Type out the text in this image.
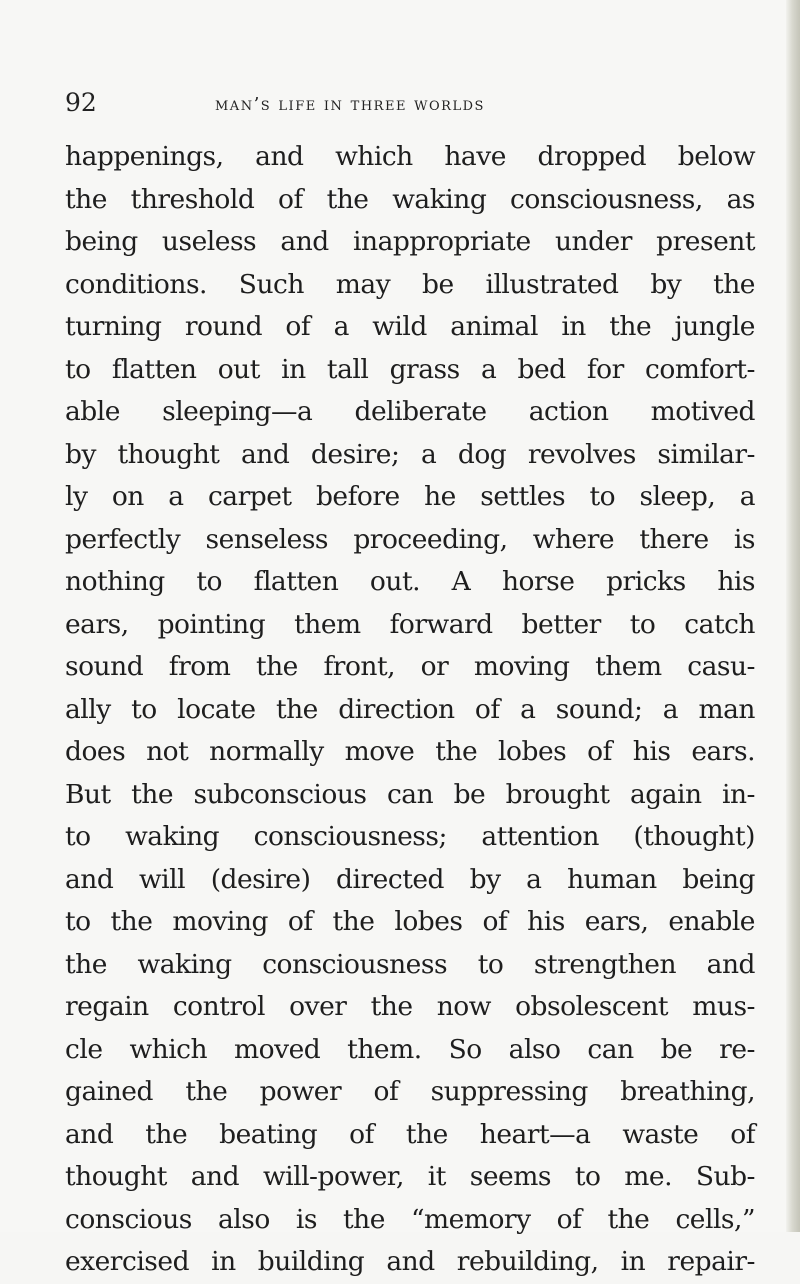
92	man’s life in three worlds
happenings, and which have dropped below
the threshold of the waking consciousness, as
being useless and inappropriate under present
conditions. Such may be illustrated by the
turning round of a wild animal in the jungle
to flatten out in tall grass a bed for comfort-
able sleeping—a deliberate action motived
by thought and desire; a dog revolves similar-
ly on a carpet before he settles to sleep, a
perfectly senseless proceeding, where there is
nothing to flatten out. A horse pricks his
ears, pointing them forward better to catch
sound from the front, or moving them casu-
ally to locate the direction of a sound; a man
does not normally move the lobes of his ears.
But the subconscious can be brought again in-
to waking consciousness; attention (thought)
and will (desire) directed by a human being
to the moving of the lobes of his ears, enable
the waking consciousness to strengthen and
regain control over the now obsolescent mus-
cle which moved them. So also can be re-
gained the power of suppressing breathing,
and the beating of the heart—a waste of
thought and will-power, it seems to me. Sub-
conscious also is the “memory of the cells,”
exercised in building and rebuilding, in repair-
